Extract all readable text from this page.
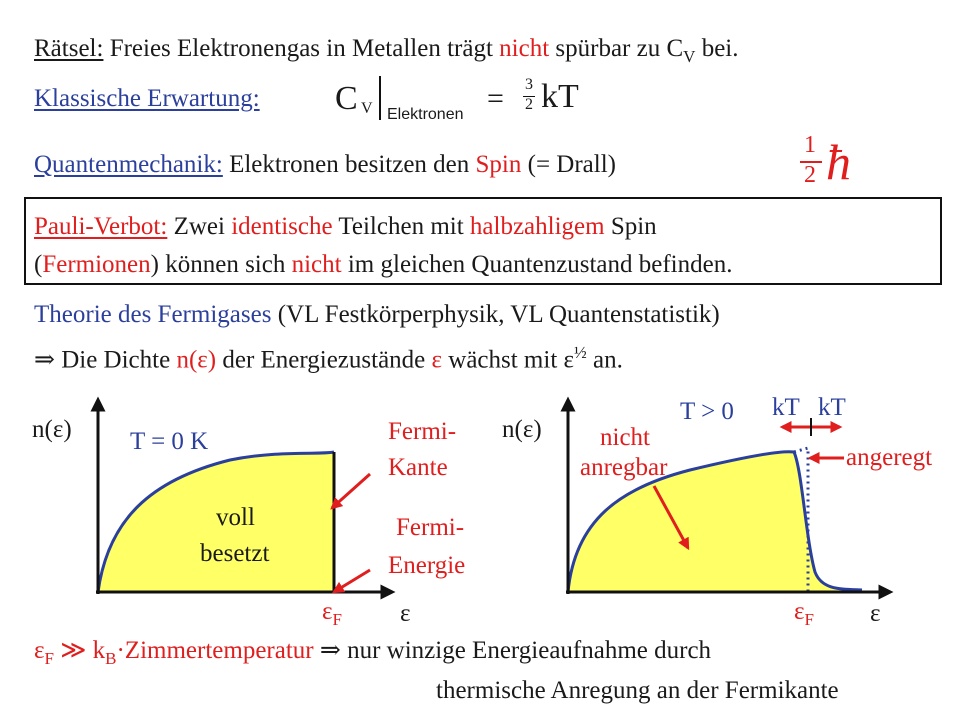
Rätsel: Freies Elektronengas in Metallen trägt nicht spürbar zu $C_V$ bei.
Klassische Erwartung: C V Elektronen = 3
2 kT
Quantenmechanik: Elektronen besitzen den Spin (= Drall)
1
2 ħ
Pauli-Verbot: Zwei identische Teilchen mit halbzahligem Spin
(Fermionen) können sich nicht im gleichen Quantenzustand befinden.
Theorie des Fermigases (VL Festkörperphysik, VL Quantenstatistik)
⇒ Die Dichte n(ε) der Energiezustände ε wächst mit $\varepsilon^{\frac{1}{2}}$ an.
n(ε) T = 0 K
voll
besetzt
Fermi-
Kante
Fermi-
Energie
$\varepsilon_F$ ε
n(ε)
T > 0 kT kT
nicht
anregbar	angeregt
$\varepsilon_F$ ε
$\varepsilon_F$ ≫ $k_B\cdot Zimmertemperatur$ ⇒ nur winzige Energieaufnahme durch
thermische Anregung an der Fermikante
